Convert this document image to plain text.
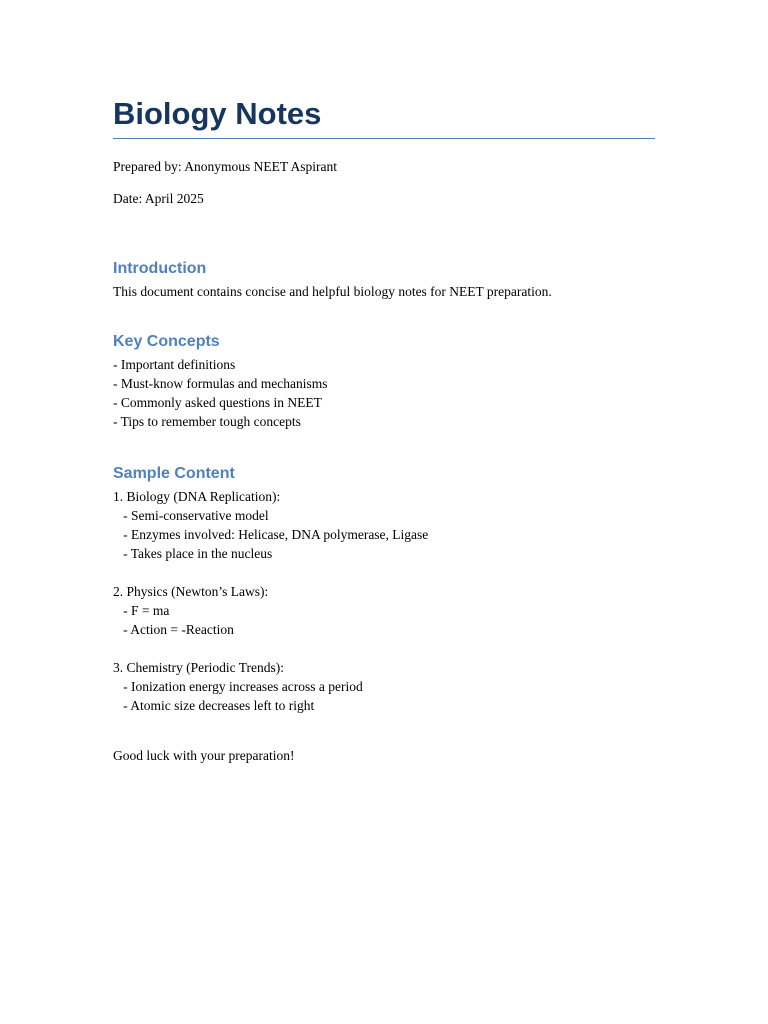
Biology Notes

Prepared by: Anonymous NEET Aspirant

Date: April 2025

Introduction

This document contains concise and helpful biology notes for NEET preparation.

Key Concepts

- Important definitions

- Must-know formulas and mechanisms

- Commonly asked questions in NEET

- Tips to remember tough concepts

Sample Content

1. Biology (DNA Replication):

- Semi-conservative model

- Enzymes involved: Helicase, DNA polymerase, Ligase

- Takes place in the nucleus

2. Physics (Newton’s Laws):

- F = ma

- Action = -Reaction

3. Chemistry (Periodic Trends):

- Ionization energy increases across a period

- Atomic size decreases left to right

Good luck with your preparation!
